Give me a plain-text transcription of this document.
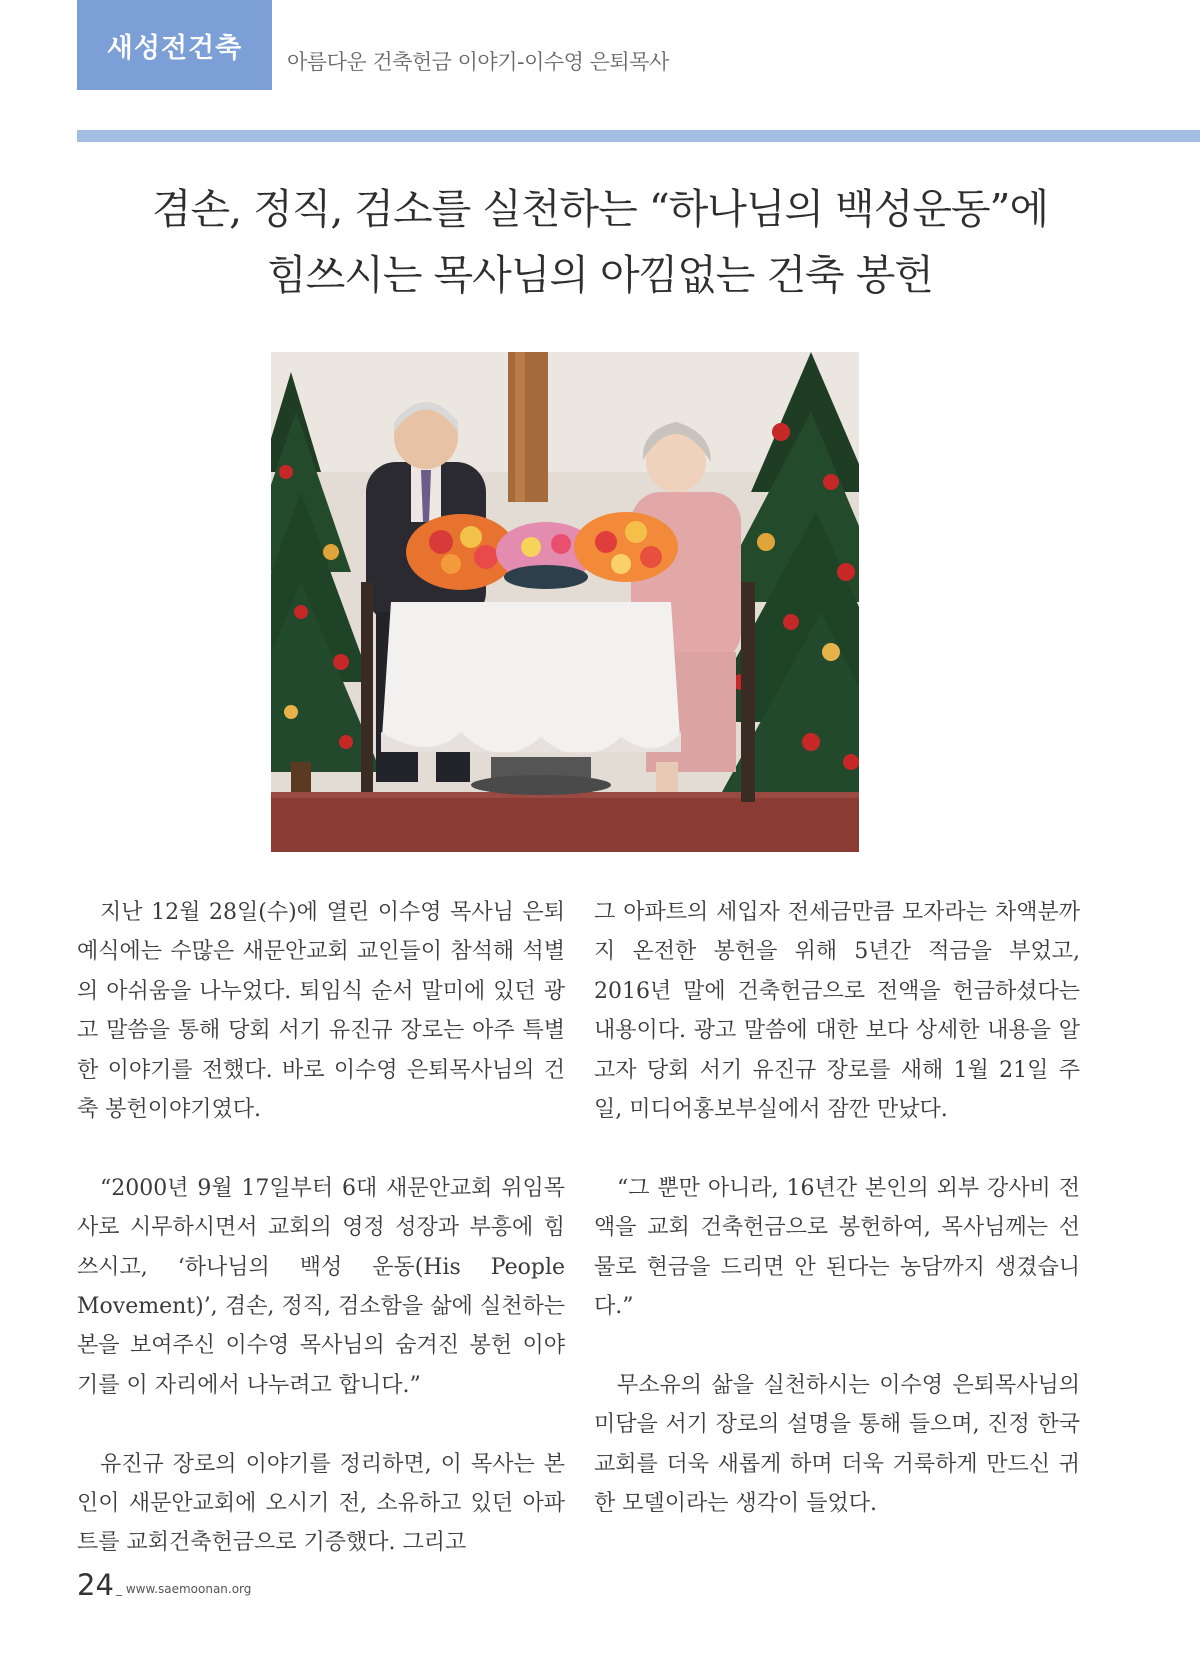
새성전건축	아름다운 건축헌금 이야기-이수영 은퇴목사
겸손, 정직, 검소를 실천하는 “하나님의 백성운동”에
힘쓰시는 목사님의 아낌없는 건축 봉헌

지난 12월 28일(수)에 열린 이수영 목사님 은퇴예식에는 수많은 새문안교회 교인들이 참석해 석별의 아쉬움을 나누었다. 퇴임식 순서 말미에 있던 광고 말씀을 통해 당회 서기 유진규 장로는 아주 특별한 이야기를 전했다. 바로 이수영 은퇴목사님의 건축 봉헌이야기였다.

“2000년 9월 17일부터 6대 새문안교회 위임목사로 시무하시면서 교회의 영정 성장과 부흥에 힘쓰시고, ‘하나님의 백성 운동(His People Movement)’, 겸손, 정직, 검소함을 삶에 실천하는 본을 보여주신 이수영 목사님의 숨겨진 봉헌 이야기를 이 자리에서 나누려고 합니다.”

유진규 장로의 이야기를 정리하면, 이 목사는 본인이 새문안교회에 오시기 전, 소유하고 있던 아파트를 교회건축헌금으로 기증했다. 그리고

그 아파트의 세입자 전세금만큼 모자라는 차액분까지 온전한 봉헌을 위해 5년간 적금을 부었고, 2016년 말에 건축헌금으로 전액을 헌금하셨다는 내용이다. 광고 말씀에 대한 보다 상세한 내용을 알고자 당회 서기 유진규 장로를 새해 1월 21일 주일, 미디어홍보부실에서 잠깐 만났다.

“그 뿐만 아니라, 16년간 본인의 외부 강사비 전액을 교회 건축헌금으로 봉헌하여, 목사님께는 선물로 현금을 드리면 안 된다는 농담까지 생겼습니다.”

무소유의 삶을 실천하시는 이수영 은퇴목사님의 미담을 서기 장로의 설명을 통해 들으며, 진정 한국 교회를 더욱 새롭게 하며 더욱 거룩하게 만드신 귀한 모델이라는 생각이 들었다.

24 _ www.saemoonan.org
